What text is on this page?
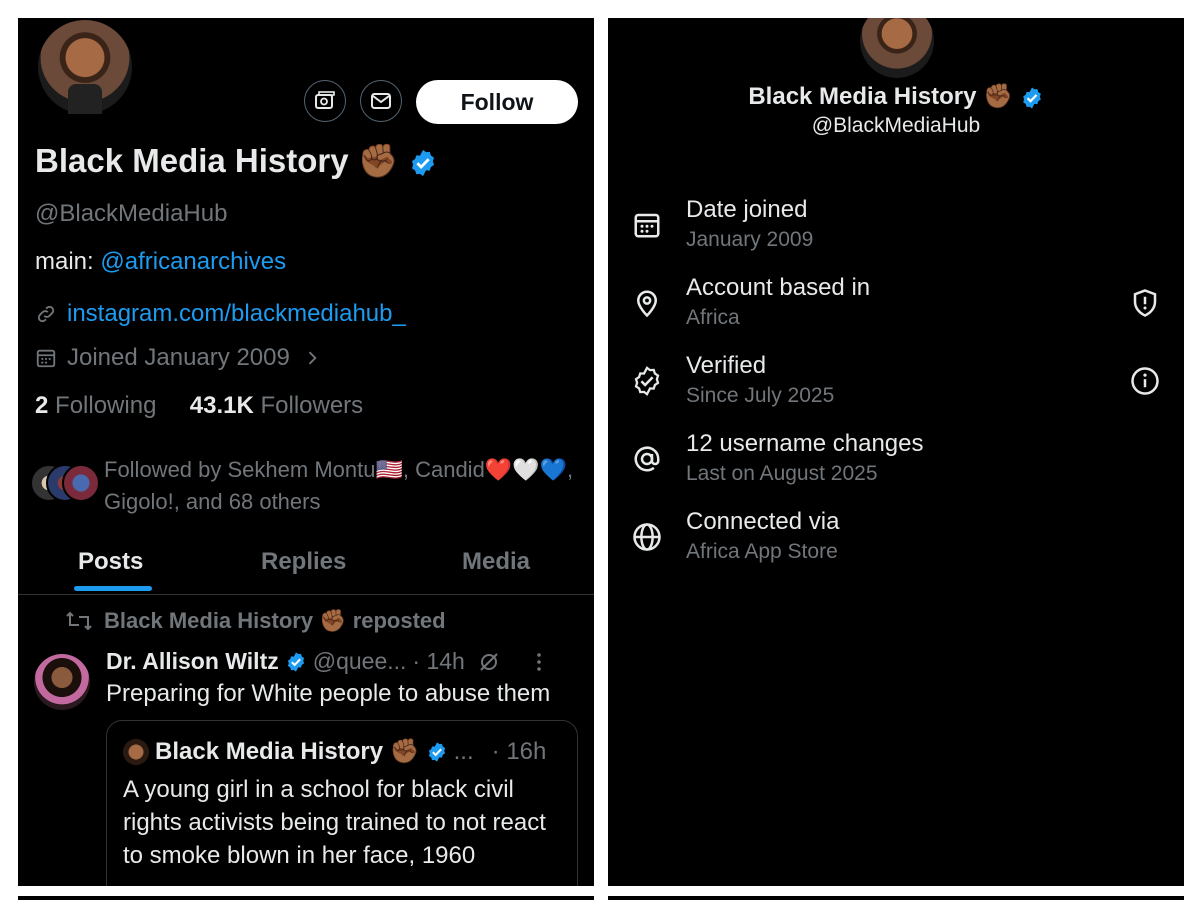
Follow
Black Media History ✊🏾
@BlackMediaHub
main: @africanarchives
instagram.com/blackmediahub_
Joined January 2009
2 Following 43.1K Followers
Followed by Sekhem Montu🇺🇸, Candid❤️🤍💙, Gigolo!, and 68 others
Posts	Replies	Media
Black Media History ✊🏾 reposted
Dr. Allison Wiltz @quee... · 14h
Preparing for White people to abuse them
Black Media History ✊🏾 ... · 16h
A young girl in a school for black civil rights activists being trained to not react to smoke blown in her face, 1960
Black Media History ✊🏾
@BlackMediaHub
Date joined
January 2009
Account based in
Africa
Verified
Since July 2025
12 username changes
Last on August 2025
Connected via
Africa App Store
